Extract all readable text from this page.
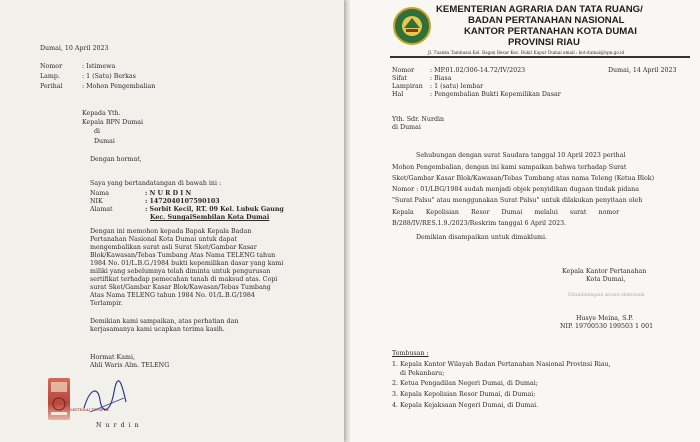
Dumai, 10 April 2023
Nomor	: Istimewa
Lamp.	: 1 (Satu) Berkas
Perihal	: Mohon Pengembalian
Kepada Yth.
Kepala BPN Dumai
di
Dumai
Dengan hormat,
Saya yang bertandatangan di bawah ini :
Nama	: N U R D I N
NIK	: 1472040107590103
Alamat	: Sorbit Kecil, RT. 09 Kel. Lubuk Gaung
Kec. SungaiSembilan Kota Dumai
Dengan ini memohon kepada Bapak Kepala Badan
Pertanahan Nasional Kota Dumai untuk dapat
mengembalikan surat asli Surat Sket/Gambar Kasar
Blok/Kawasan/Tebas Tumbang Atas Nama TELENG tahun
1984 No. 01/L.B.G./1984 bukti kepemilikan dasar yang kami
miliki yang sebelumnya telah diminta untuk pengurusan
sertifikat terhadap pemecahan tanah di maksud atas. Copi
surat Sket/Gambar Kasar Blok/Kawasan/Tebas Tumbang
Atas Nama TELENG tahun 1984 No. 01/L.B.G/1984
Terlampir.
Demikian kami sampaikan, atas perhatian dan
kerjasamanya kami ucapkan terima kasih.
Hormat Kami,
Ahli Waris Alm. TELENG
METERAI TEMPEL
N u r d i n
KEMENTERIAN AGRARIA DAN TATA RUANG/
BADAN PERTANAHAN NASIONAL
KANTOR PERTANAHAN KOTA DUMAI
PROVINSI RIAU
Jl. Tuanku Tambusai Kel. Bagan Besar Kec. Bukit Kapur Dumai email : kot-dumai@bpn.go.id
Nomor	: MP.01.02/306-14.72/IV/2023
Sifat	: Biasa
Lampiran : 1 (satu) lembar
Hal	: Pengembalian Bukti Kepemilikan Dasar
Dumai, 14 April 2023
Yth. Sdr. Nurdin
di Dumai
Sehubungan dengan surat Saudara tanggal 10 April 2023 perihal
Mohon Pengembalian, dengan ini kami sampaikan bahwa terhadap Surat
Sket/Gambar Kasar Blok/Kawasan/Tebas Tumbang atas nama Teleng (Ketua Blok)
Nomor : 01/LBG/1984 sudah menjadi objek penyidikan dugaan tindak pidana
"Surat Palsu" atau menggunakan Surat Palsu" untuk dilakukan penyitaan oleh
Kepala Kepolisian Resor Dumai melalui surat nomor
B/288/IV/RES.1.9./2023/Reskrim tanggal 6 April 2023.
Demikian disampaikan untuk dimaklumi.
Kepala Kantor Pertanahan
Kota Dumai,
Ditandatangani secara elektronik
Husye Meina, S.P.
NIP. 19700530 199503 1 001
Tembusan :
1. Kepala Kantor Wilayah Badan Pertanahan Nasional Provinsi Riau,
di Pekanbaru;
2. Ketua Pengadilan Negeri Dumai, di Dumai;
3. Kepala Kepolisian Resor Dumai, di Dumai;
4. Kepala Kejaksaan Negeri Dumai, di Dumai.
